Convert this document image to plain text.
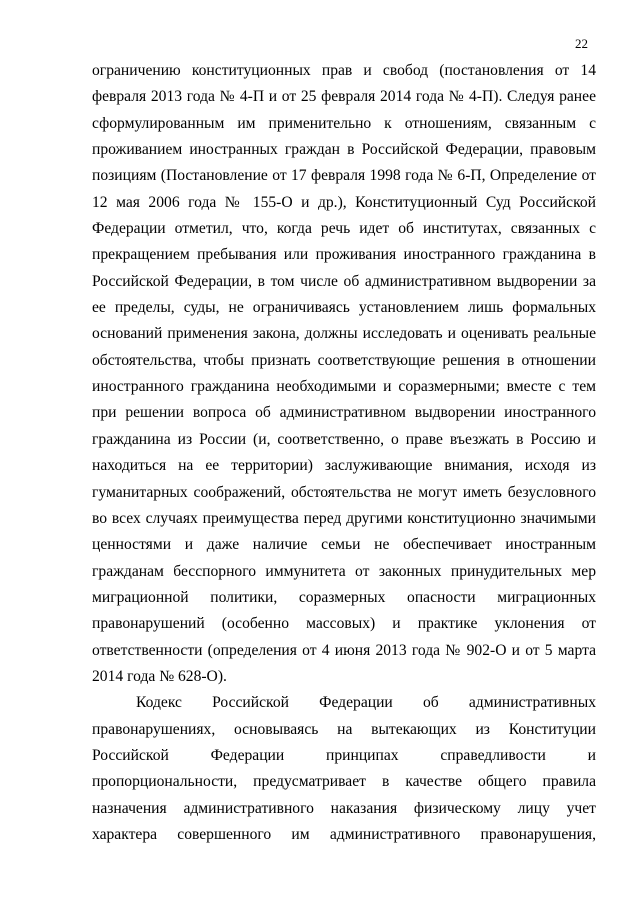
22
ограничению конституционных прав и свобод (постановления от 14
февраля 2013 года № 4-П и от 25 февраля 2014 года № 4-П). Следуя ранее
сформулированным им применительно к отношениям, связанным с
проживанием иностранных граждан в Российской Федерации, правовым
позициям (Постановление от 17 февраля 1998 года № 6-П, Определение от
12 мая 2006 года № 155-О и др.), Конституционный Суд Российской
Федерации отметил, что, когда речь идет об институтах, связанных с
прекращением пребывания или проживания иностранного гражданина в
Российской Федерации, в том числе об административном выдворении за
ее пределы, суды, не ограничиваясь установлением лишь формальных
оснований применения закона, должны исследовать и оценивать реальные
обстоятельства, чтобы признать соответствующие решения в отношении
иностранного гражданина необходимыми и соразмерными; вместе с тем
при решении вопроса об административном выдворении иностранного
гражданина из России (и, соответственно, о праве въезжать в Россию и
находиться на ее территории) заслуживающие внимания, исходя из
гуманитарных соображений, обстоятельства не могут иметь безусловного
во всех случаях преимущества перед другими конституционно значимыми
ценностями и даже наличие семьи не обеспечивает иностранным
гражданам бесспорного иммунитета от законных принудительных мер
миграционной политики, соразмерных опасности миграционных
правонарушений (особенно массовых) и практике уклонения от
ответственности (определения от 4 июня 2013 года № 902-О и от 5 марта
2014 года № 628-О).
Кодекс Российской Федерации об административных
правонарушениях, основываясь на вытекающих из Конституции
Российской Федерации принципах справедливости и
пропорциональности, предусматривает в качестве общего правила
назначения административного наказания физическому лицу учет
характера совершенного им административного правонарушения,
